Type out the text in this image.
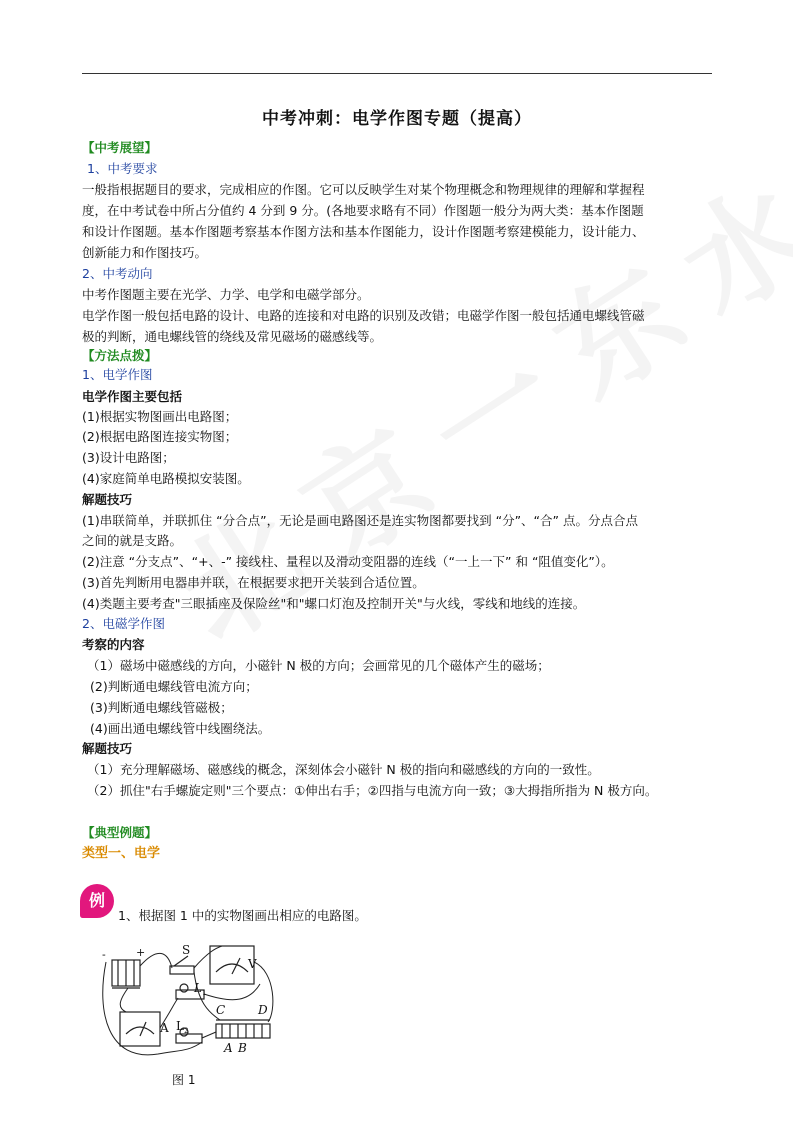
中考冲刺：电学作图专题（提高）
【中考展望】
1、中考要求
一般指根据题目的要求，完成相应的作图。它可以反映学生对某个物理概念和物理规律的理解和掌握程
度，在中考试卷中所占分值约 4 分到 9 分。(各地要求略有不同）作图题一般分为两大类：基本作图题
和设计作图题。基本作图题考察基本作图方法和基本作图能力，设计作图题考察建模能力，设计能力、
创新能力和作图技巧。
2、中考动向
中考作图题主要在光学、力学、电学和电磁学部分。
电学作图一般包括电路的设计、电路的连接和对电路的识别及改错；电磁学作图一般包括通电螺线管磁
极的判断，通电螺线管的绕线及常见磁场的磁感线等。
【方法点拨】
1、电学作图
电学作图主要包括
(1)根据实物图画出电路图；
(2)根据电路图连接实物图；
(3)设计电路图；
(4)家庭简单电路模拟安装图。
解题技巧
(1)串联简单，并联抓住 “分合点”，无论是画电路图还是连实物图都要找到 “分”、“合” 点。分点合点
之间的就是支路。
(2)注意 “分支点”、“+、-” 接线柱、量程以及滑动变阻器的连线（“一上一下” 和 “阻值变化”）。
(3)首先判断用电器串并联，在根据要求把开关装到合适位置。
(4)类题主要考查"三眼插座及保险丝"和"螺口灯泡及控制开关"与火线，零线和地线的连接。
2、电磁学作图
考察的内容
（1）磁场中磁感线的方向，小磁针 N 极的方向；会画常见的几个磁体产生的磁场；
(2)判断通电螺线管电流方向；
(3)判断通电螺线管磁极；
(4)画出通电螺线管中线圈绕法。
解题技巧
（1）充分理解磁场、磁感线的概念，深刻体会小磁针 N 极的指向和磁感线的方向的一致性。
（2）抓住"右手螺旋定则"三个要点：①伸出右手；②四指与电流方向一致；③大拇指所指为 N 极方向。
【典型例题】
类型一、电学
例
1、根据图 1 中的实物图画出相应的电路图。
-	+	S
V
L 1
A L 2
C	D
A B
图 1
